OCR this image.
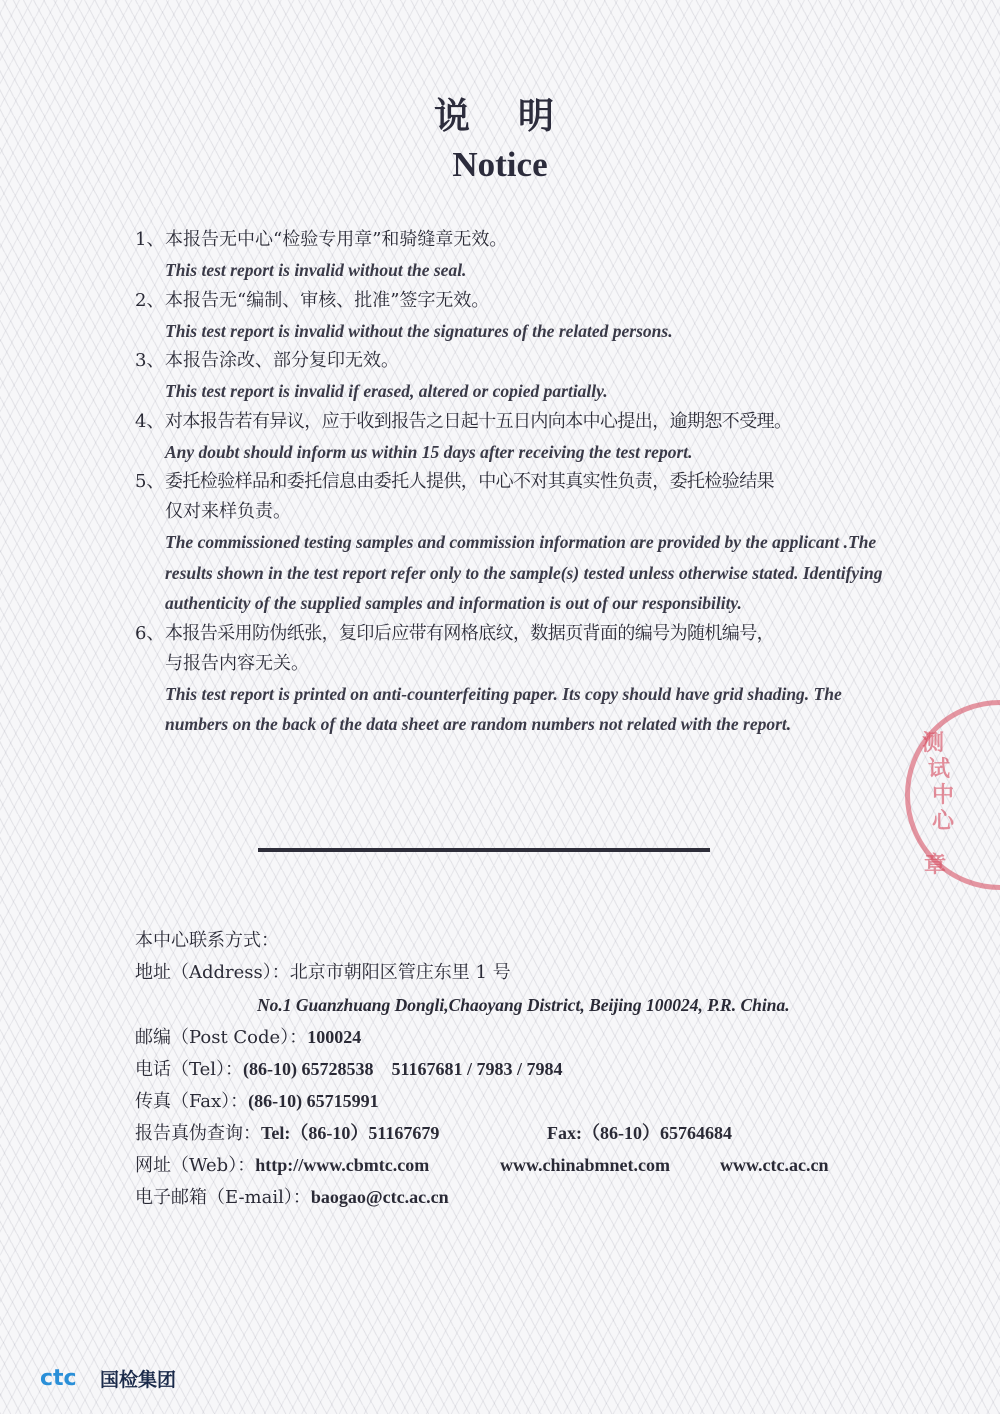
说明
Notice
1、本报告无中心“检验专用章”和骑缝章无效。
This test report is invalid without the seal.
2、本报告无“编制、审核、批准”签字无效。
This test report is invalid without the signatures of the related persons.
3、本报告涂改、部分复印无效。
This test report is invalid if erased, altered or copied partially.
4、对本报告若有异议，应于收到报告之日起十五日内向本中心提出，逾期恕不受理。
Any doubt should inform us within 15 days after receiving the test report.
5、委托检验样品和委托信息由委托人提供，中心不对其真实性负责，委托检验结果
仅对来样负责。
The commissioned testing samples and commission information are provided by the applicant .The results shown in the test report refer only to the sample(s) tested unless otherwise stated. Identifying authenticity of the supplied samples and information is out of our responsibility.
6、本报告采用防伪纸张，复印后应带有网格底纹，数据页背面的编号为随机编号，
与报告内容无关。
This test report is printed on anti-counterfeiting paper. Its copy should have grid shading. The numbers on the back of the data sheet are random numbers not related with the report.
本中心联系方式：
地址（Address）：北京市朝阳区管庄东里 1 号
No.1 Guanzhuang Dongli,Chaoyang District, Beijing 100024, P.R. China.
邮编（Post Code）：100024
电话（Tel）：(86-10) 65728538    51167681 / 7983 / 7984
传真（Fax）：(86-10) 65715991
报告真伪查询：Tel:（86-10）51167679	Fax:（86-10）65764684
网址（Web）：http://www.cbmtc.com	www.chinabmnet.com	www.ctc.ac.cn
电子邮箱（E-mail）：baogao@ctc.ac.cn
测
试
中
心
章
ctc 国检集团
